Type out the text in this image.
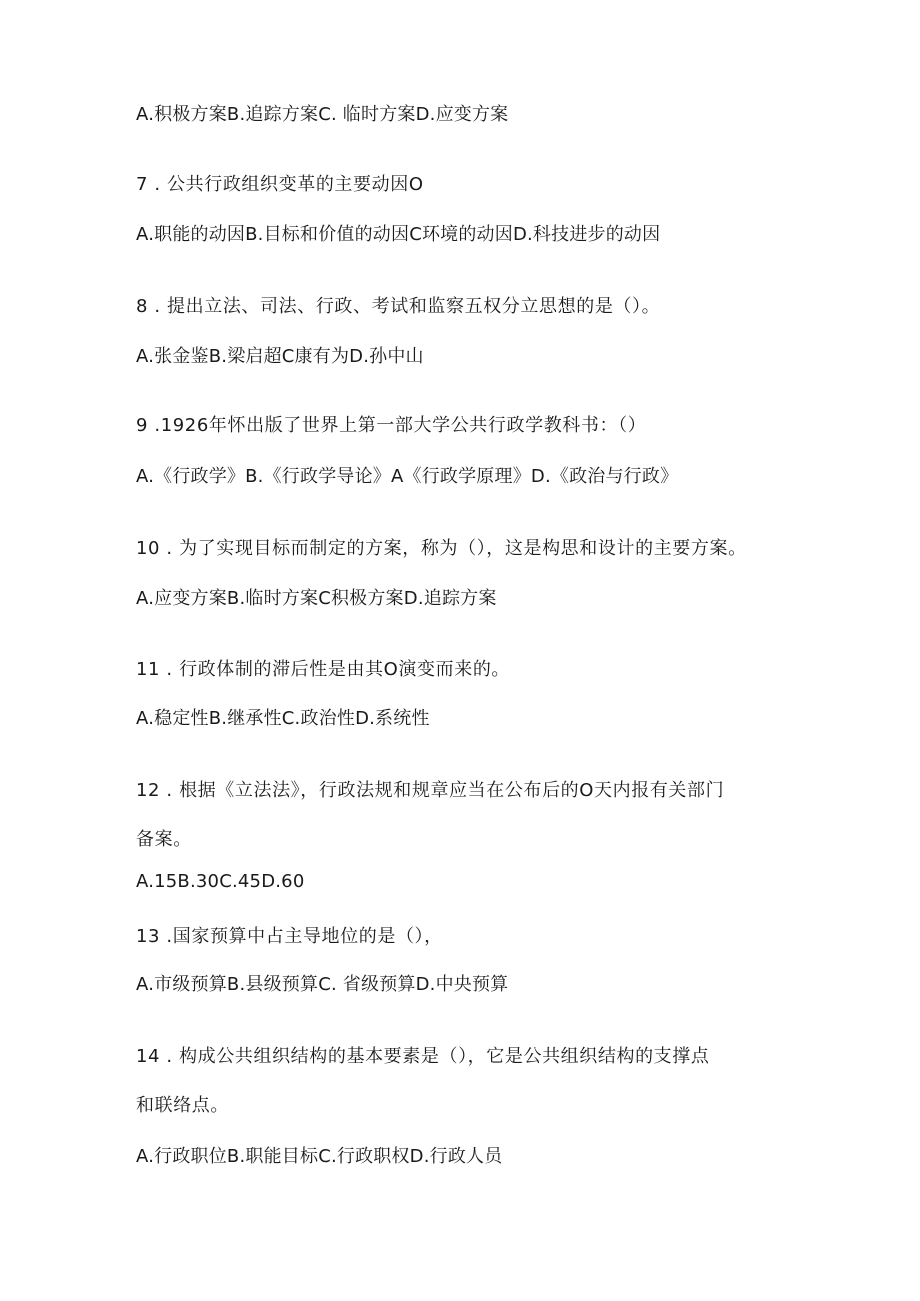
A.积极方案B.追踪方案C. 临时方案D.应变方案
7 . 公共行政组织变革的主要动因O
A.职能的动因B.目标和价值的动因C环境的动因D.科技进步的动因
8 . 提出立法、司法、行政、考试和监察五权分立思想的是（）。
A.张金鉴B.梁启超C康有为D.孙中山
9 .1926年怀出版了世界上第一部大学公共行政学教科书：（）
A.《行政学》B.《行政学导论》A《行政学原理》D.《政治与行政》
10 . 为了实现目标而制定的方案，称为（），这是构思和设计的主要方案。
A.应变方案B.临时方案C积极方案D.追踪方案
11 . 行政体制的滞后性是由其O演变而来的。
A.稳定性B.继承性C.政治性D.系统性
12 . 根据《立法法》，行政法规和规章应当在公布后的O天内报有关部门
备案。
A.15B.30C.45D.60
13 .国家预算中占主导地位的是（），
A.市级预算B.县级预算C. 省级预算D.中央预算
14 . 构成公共组织结构的基本要素是（），它是公共组织结构的支撑点
和联络点。
A.行政职位B.职能目标C.行政职权D.行政人员
